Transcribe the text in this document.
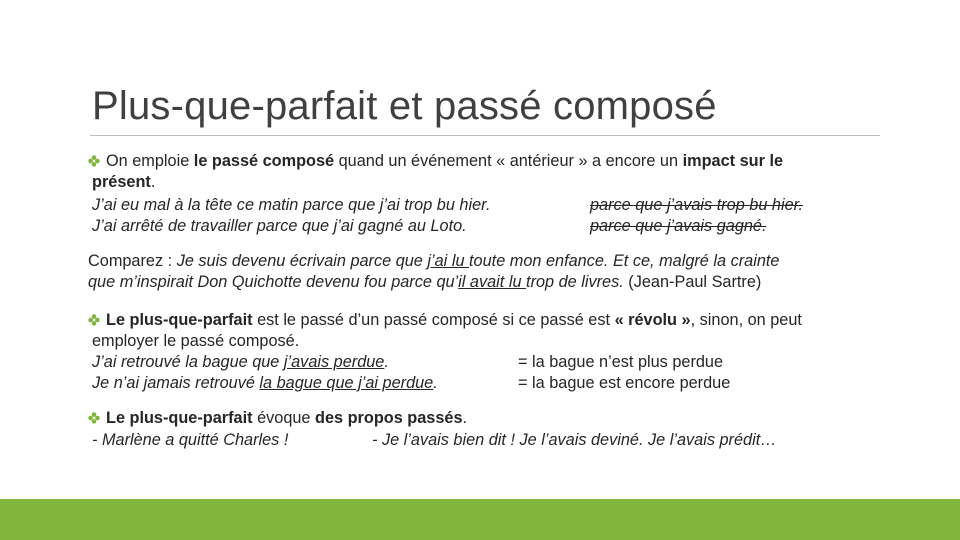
Plus-que-parfait et passé composé
On emploie le passé composé quand un événement « antérieur » a encore un impact sur le
présent.
J’ai eu mal à la tête ce matin parce que j’ai trop bu hier.	parce que j’avais trop bu hier.
J’ai arrêté de travailler parce que j’ai gagné au Loto.	parce que j’avais gagné.
Comparez : Je suis devenu écrivain parce que j’ai lu toute mon enfance. Et ce, malgré la crainte
que m’inspirait Don Quichotte devenu fou parce qu’il avait lu trop de livres. (Jean-Paul Sartre)
Le plus-que-parfait est le passé d’un passé composé si ce passé est « révolu », sinon, on peut
employer le passé composé.
J’ai retrouvé la bague que j’avais perdue.	= la bague n’est plus perdue
Je n’ai jamais retrouvé la bague que j’ai perdue.	= la bague est encore perdue
Le plus-que-parfait évoque des propos passés.
- Marlène a quitté Charles !	- Je l’avais bien dit ! Je l’avais deviné. Je l’avais prédit…
